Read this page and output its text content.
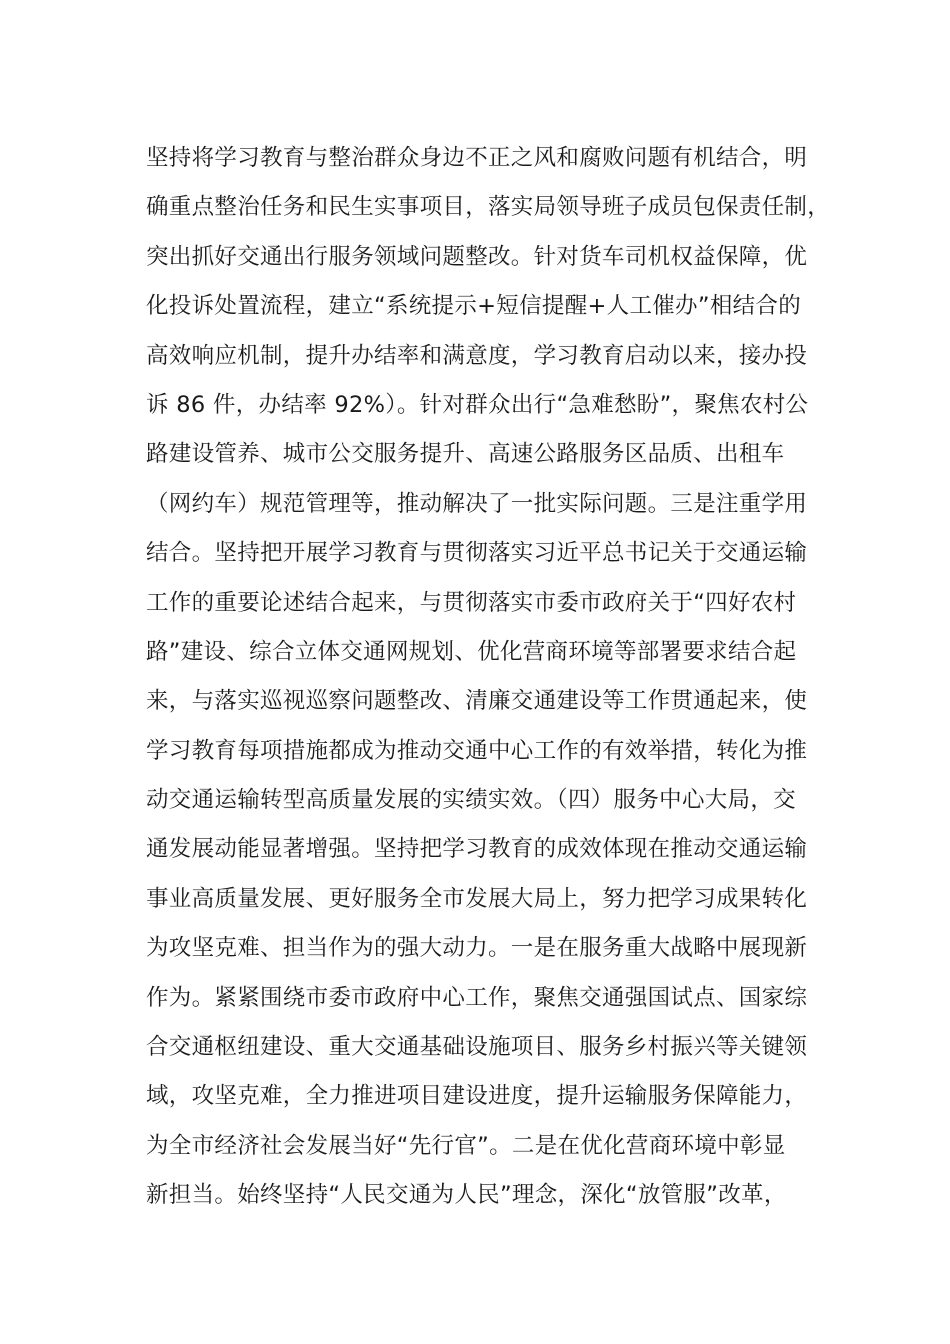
坚持将学习教育与整治群众身边不正之风和腐败问题有机结合，明
确重点整治任务和民生实事项目，落实局领导班子成员包保责任制，
突出抓好交通出行服务领域问题整改。针对货车司机权益保障，优
化投诉处置流程，建立“系统提示+短信提醒+人工催办”相结合的
高效响应机制，提升办结率和满意度，学习教育启动以来，接办投
诉 86 件，办结率 92%）。针对群众出行“急难愁盼”，聚焦农村公
路建设管养、城市公交服务提升、高速公路服务区品质、出租车
（网约车）规范管理等，推动解决了一批实际问题。三是注重学用
结合。坚持把开展学习教育与贯彻落实习近平总书记关于交通运输
工作的重要论述结合起来，与贯彻落实市委市政府关于“四好农村
路”建设、综合立体交通网规划、优化营商环境等部署要求结合起
来，与落实巡视巡察问题整改、清廉交通建设等工作贯通起来，使
学习教育每项措施都成为推动交通中心工作的有效举措，转化为推
动交通运输转型高质量发展的实绩实效。（四）服务中心大局，交
通发展动能显著增强。坚持把学习教育的成效体现在推动交通运输
事业高质量发展、更好服务全市发展大局上，努力把学习成果转化
为攻坚克难、担当作为的强大动力。一是在服务重大战略中展现新
作为。紧紧围绕市委市政府中心工作，聚焦交通强国试点、国家综
合交通枢纽建设、重大交通基础设施项目、服务乡村振兴等关键领
域，攻坚克难，全力推进项目建设进度，提升运输服务保障能力，
为全市经济社会发展当好“先行官”。二是在优化营商环境中彰显
新担当。始终坚持“人民交通为人民”理念，深化“放管服”改革，
